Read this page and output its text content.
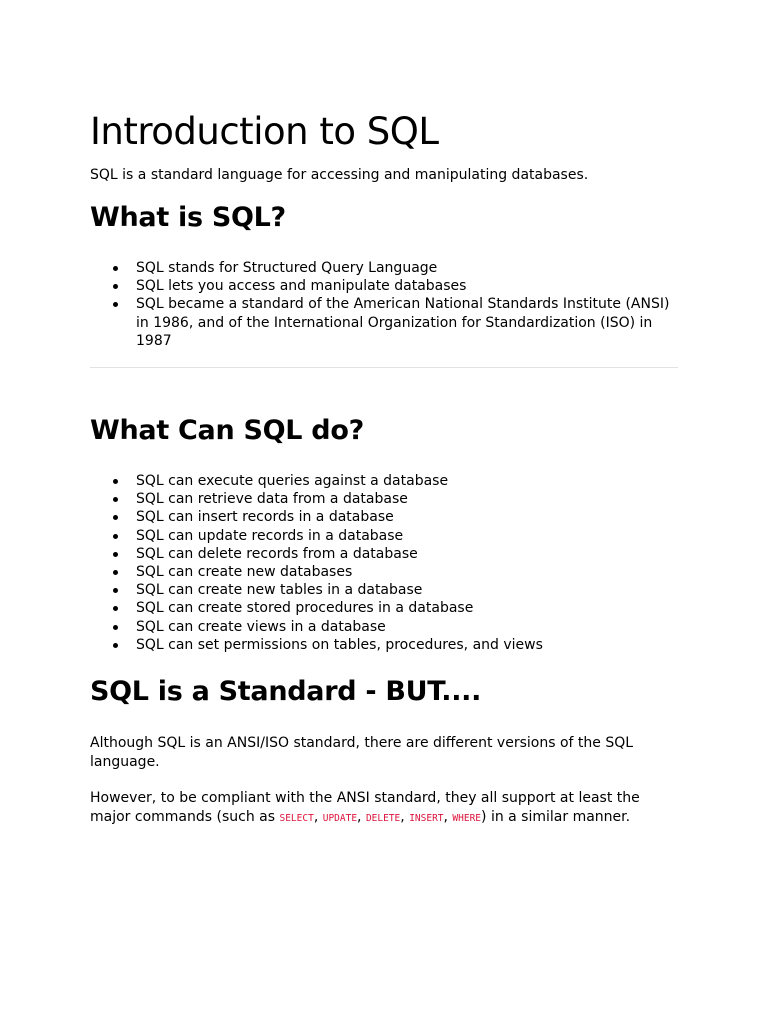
Introduction to SQL

SQL is a standard language for accessing and manipulating databases.

What is SQL?
SQL stands for Structured Query Language
SQL lets you access and manipulate databases
SQL became a standard of the American National Standards Institute (ANSI) in 1986, and of the International Organization for Standardization (ISO) in 1987
What Can SQL do?
SQL can execute queries against a database
SQL can retrieve data from a database
SQL can insert records in a database
SQL can update records in a database
SQL can delete records from a database
SQL can create new databases
SQL can create new tables in a database
SQL can create stored procedures in a database
SQL can create views in a database
SQL can set permissions on tables, procedures, and views
SQL is a Standard - BUT....

Although SQL is an ANSI/ISO standard, there are different versions of the SQL language.

However, to be compliant with the ANSI standard, they all support at least the major commands (such as SELECT, UPDATE, DELETE, INSERT, WHERE) in a similar manner.
